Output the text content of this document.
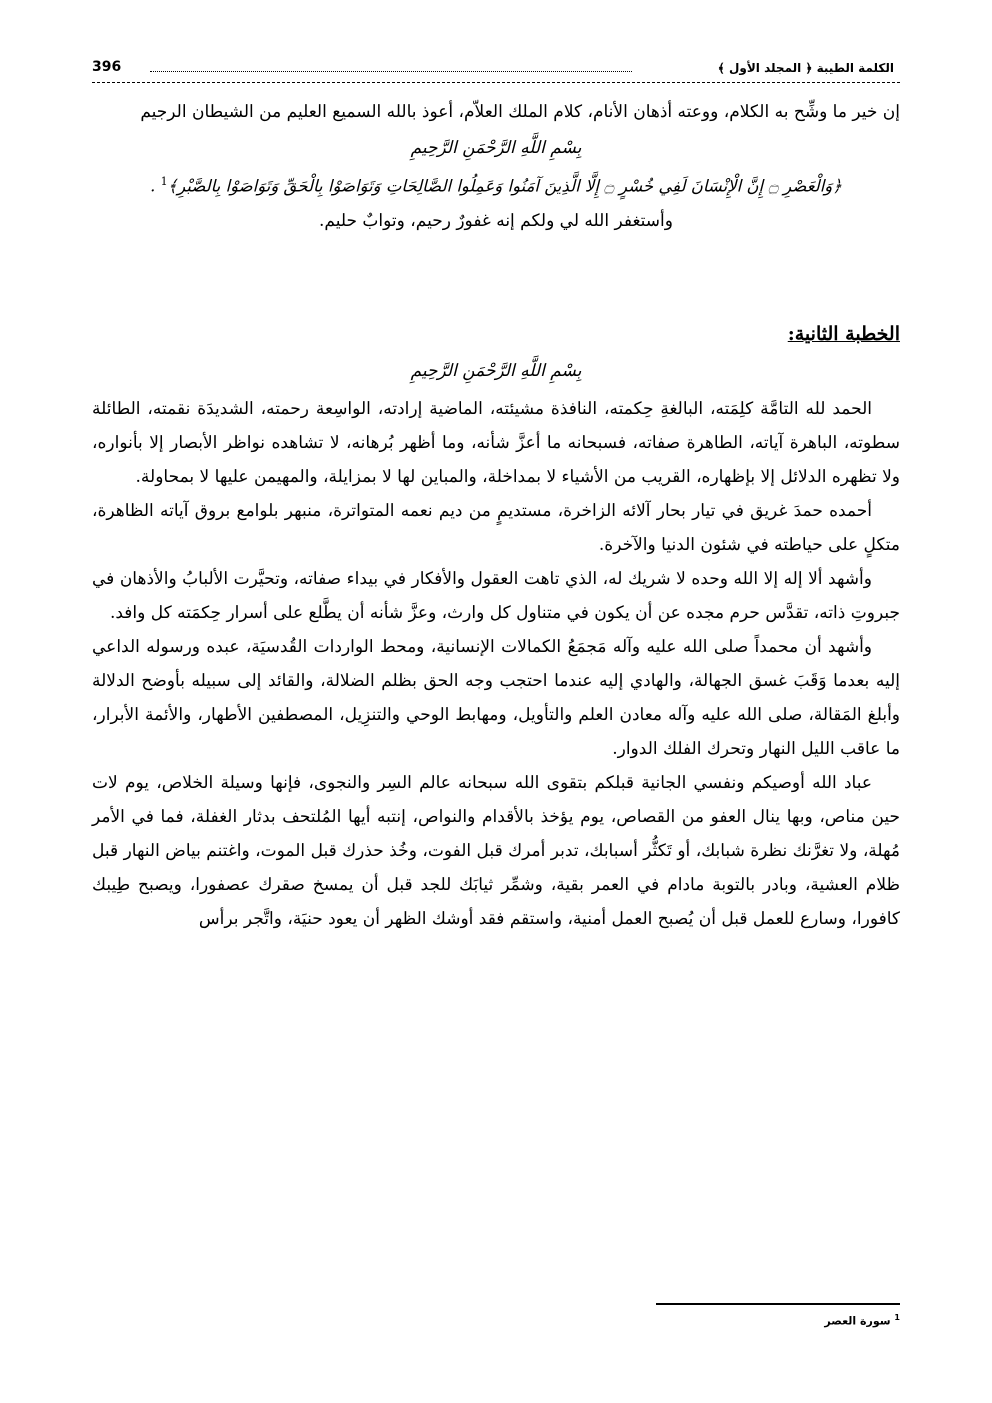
الكلمة الطيبة ﴿ المجلد الأول ﴾
396

إن خير ما وشِّح به الكلام، ووعته أذهان الأنام، كلام الملك العلاّم، أعوذ بالله السميع العليم من الشيطان الرجيم

بِسْمِ اللَّهِ الرَّحْمَنِ الرَّحِيمِ
﴿وَالْعَصْرِ ۝ إِنَّ الْإِنْسَانَ لَفِي خُسْرٍ ۝ إِلَّا الَّذِينَ آمَنُوا وَعَمِلُوا الصَّالِحَاتِ وَتَوَاصَوْا بِالْحَقِّ وَتَوَاصَوْا بِالصَّبْرِ﴾$^1$ .

وأستغفر الله لي ولكم إنه غفورٌ رحيم، وتوابٌ حليم.

الخطبة الثانية:
بِسْمِ اللَّهِ الرَّحْمَنِ الرَّحِيمِ

الحمد لله التامَّة كلِمَته، البالغةِ حِكمته، النافذة مشيئته، الماضية إرادته، الواسِعة رحمته، الشديدَة نقمته، الطائلة سطوته، الباهرة آياته، الطاهرة صفاته، فسبحانه ما أعزَّ شأنه، وما أظهر بُرهانه، لا تشاهده نواظر الأبصار إلا بأنواره، ولا تظهره الدلائل إلا بإظهاره، القريب من الأشياء لا بمداخلة، والمباين لها لا بمزايلة، والمهيمن عليها لا بمحاولة.

أحمده حمدَ غريق في تيار بحار آلائه الزاخرة، مستديمٍ من ديم نعمه المتواترة، منبهر بلوامع بروق آياته الظاهرة، متكلٍ على حياطته في شئون الدنيا والآخرة.

وأشهد ألا إله إلا الله وحده لا شريك له، الذي تاهت العقول والأفكار في بيداء صفاته، وتحيَّرت الألبابُ والأذهان في جبروتِ ذاته، تقدَّس حرم مجده عن أن يكون في متناول كل وارث، وعزَّ شأنه أن يطَّلع على أسرار حِكمَته كل وافد.

وأشهد أن محمداً صلى الله عليه وآله مَجمَعُ الكمالات الإنسانية، ومحط الواردات القُدسيَة، عبده ورسوله الداعي إليه بعدما وَقَبَ غسق الجهالة، والهادي إليه عندما احتجب وجه الحق بظلم الضلالة، والقائد إلى سبيله بأوضح الدلالة وأبلغ المَقالة، صلى الله عليه وآله معادن العلم والتأويل، ومهابط الوحي والتنزِيل، المصطفين الأطهار، والأئمة الأبرار، ما عاقب الليل النهار وتحرك الفلك الدوار.

عباد الله أوصيكم ونفسي الجانية قبلكم بتقوى الله سبحانه عالم السِر والنجوى، فإنها وسيلة الخلاص، يوم لات حين مناص، وبها ينال العفو من القصاص، يوم يؤخذ بالأقدام والنواص، إنتبه أيها المُلتحف بدثار الغفلة، فما في الأمر مُهلة، ولا تغرَّنك نظرة شبابك، أو تَكثُّر أسبابك، تدبر أمرك قبل الفوت، وخُذ حذرك قبل الموت، واغتنم بياض النهار قبل ظلام العشية، وبادر بالتوبة مادام في العمر بقية، وشمِّر ثيابَك للجد قبل أن يمسخ صقرك عصفورا، ويصبح طِيبك كافورا، وسارع للعمل قبل أن يُصبح العمل أمنية، واستقم فقد أوشك الظهر أن يعود حنيَة، واتَّجر برأس

$^1$ سورة العصر
